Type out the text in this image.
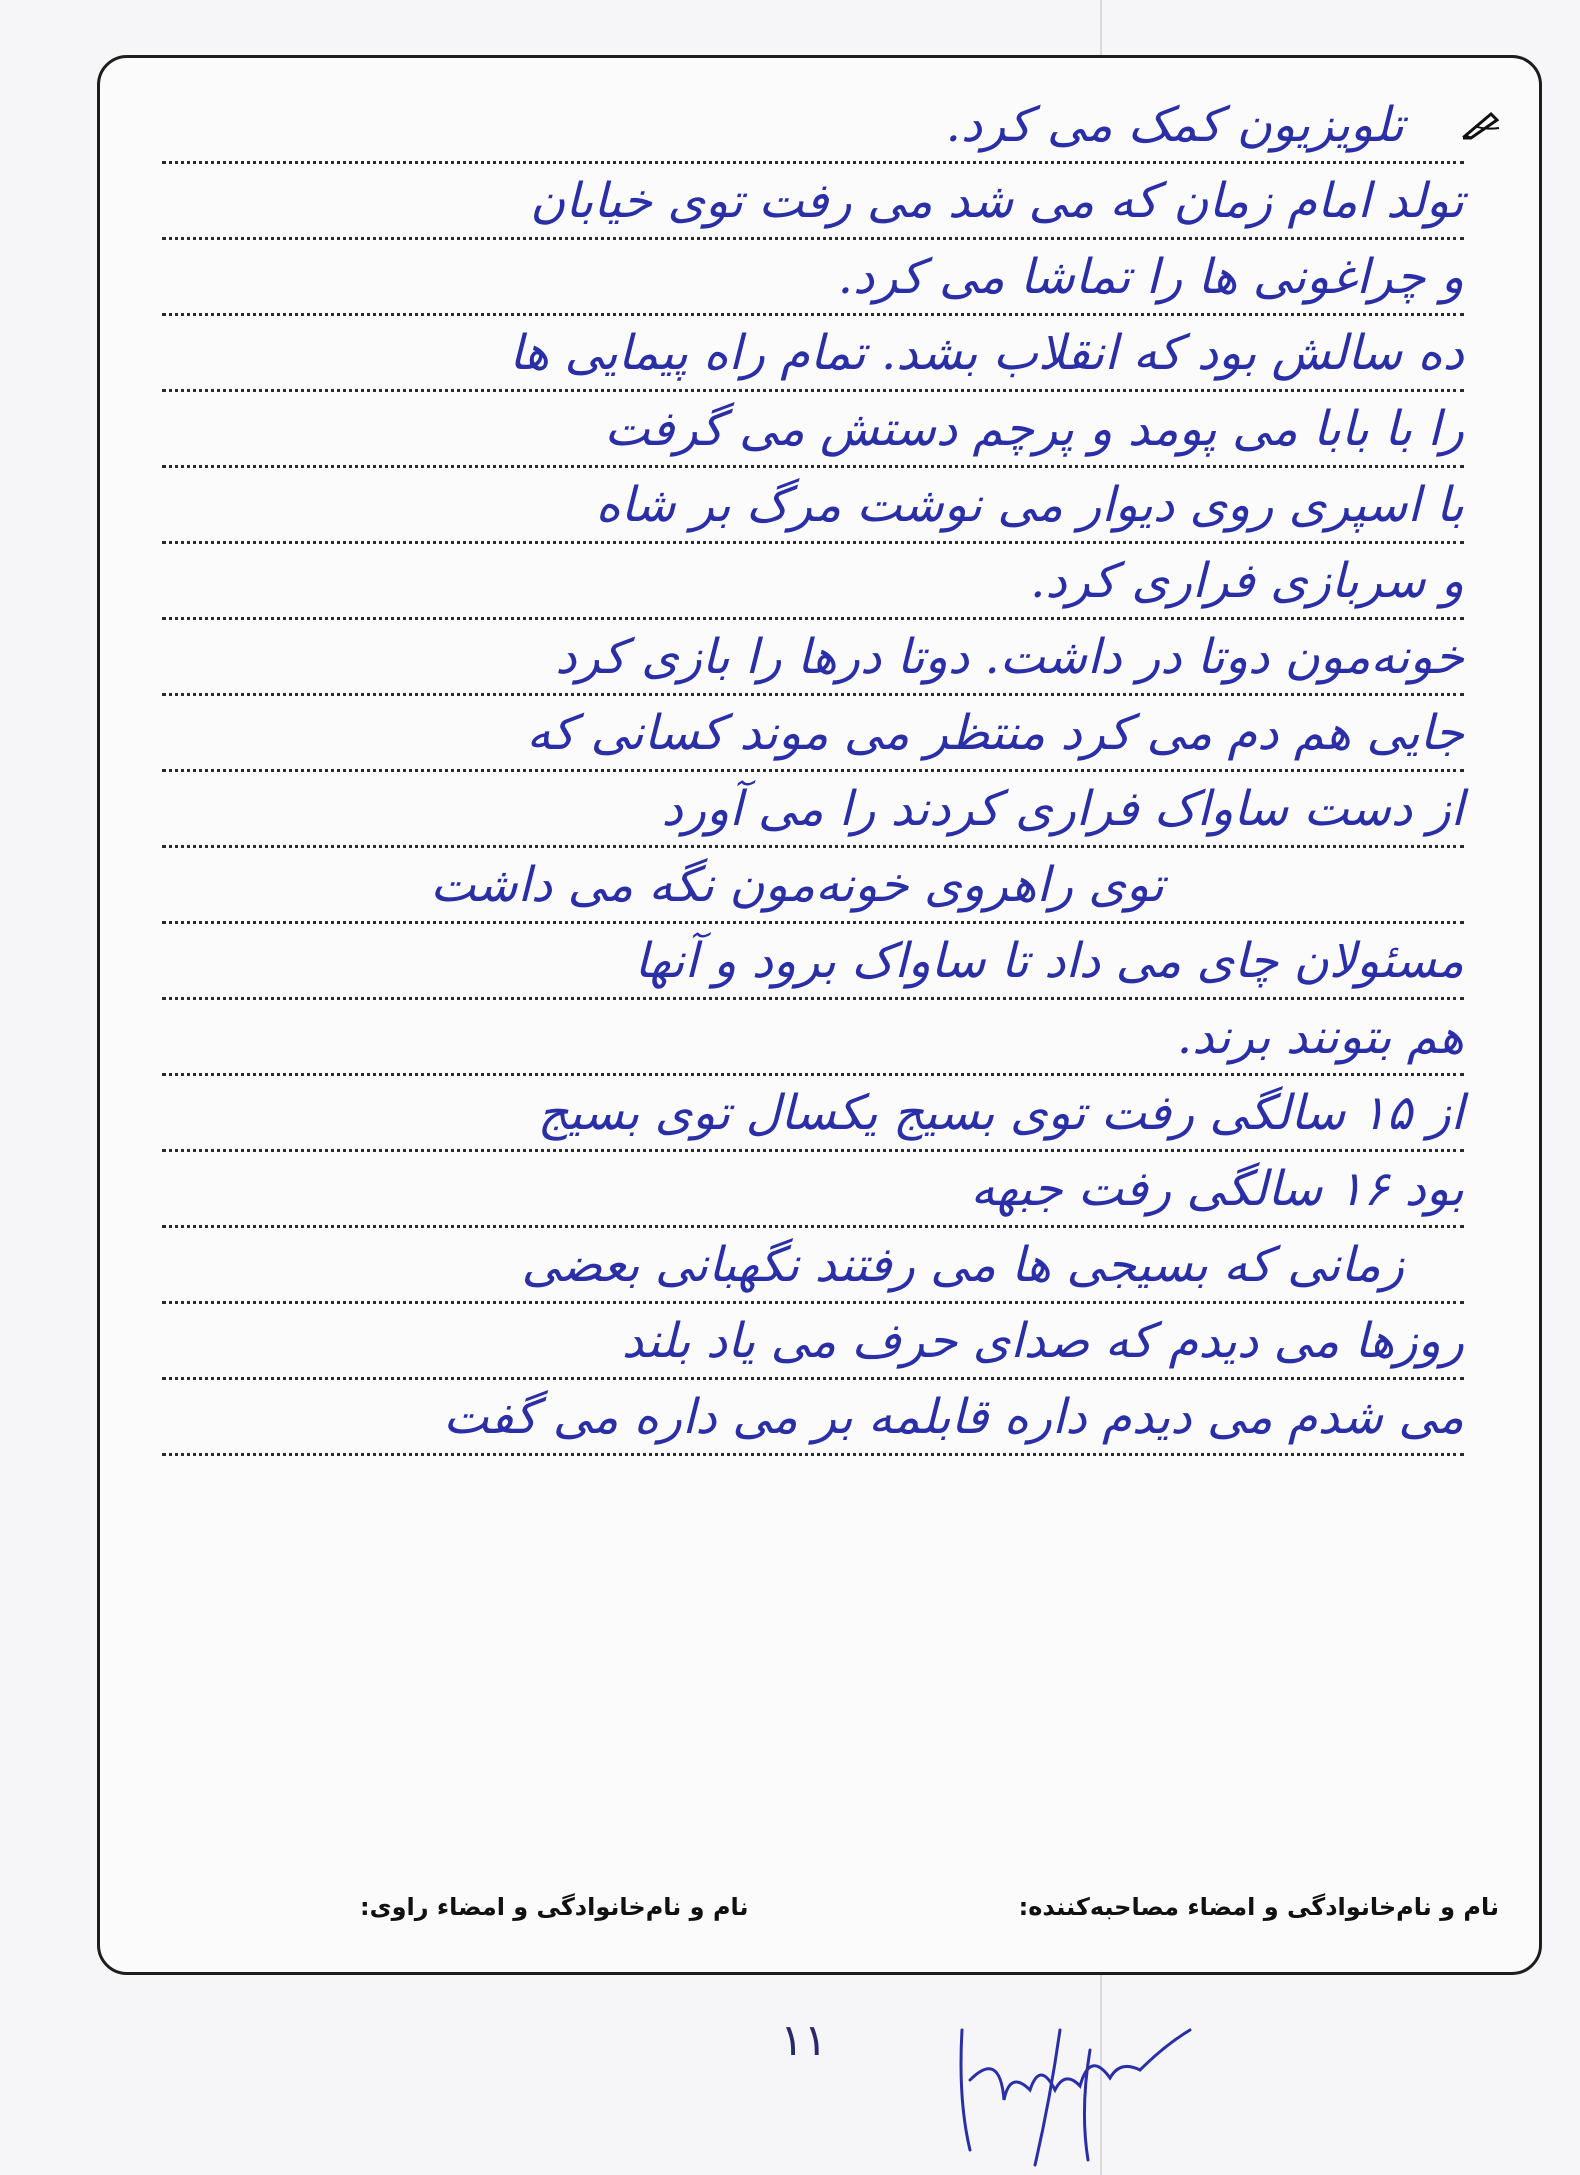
تلویزیون کمک می کرد.
تولد امام زمان که می شد می رفت توی خیابان
و چراغونی ها را تماشا می کرد.
ده سالش بود که انقلاب بشد. تمام راه پیمایی ها
را با بابا می پومد و پرچم دستش می گرفت
با اسپری روی دیوار می نوشت مرگ بر شاه
و سربازی فراری کرد.
خونه‌مون دوتا در داشت. دوتا درها را بازی کرد
جایی هم دم می کرد منتظر می موند کسانی که
از دست ساواک فراری کردند را می آورد
توی راهروی خونه‌مون نگه می داشت
مسئولان چای می داد تا ساواک برود و آنها
هم بتونند برند.
از ۱۵ سالگی رفت توی بسیج یکسال توی بسیج
بود ۱۶ سالگی رفت جبهه
زمانی که بسیجی ها می رفتند نگهبانی بعضی
روزها می دیدم که صدای حرف می یاد بلند
می شدم می دیدم داره قابلمه بر می داره می گفت
نام و نام‌خانوادگی و امضاء مصاحبه‌کننده:
نام و نام‌خانوادگی و امضاء راوی:
۱۱
